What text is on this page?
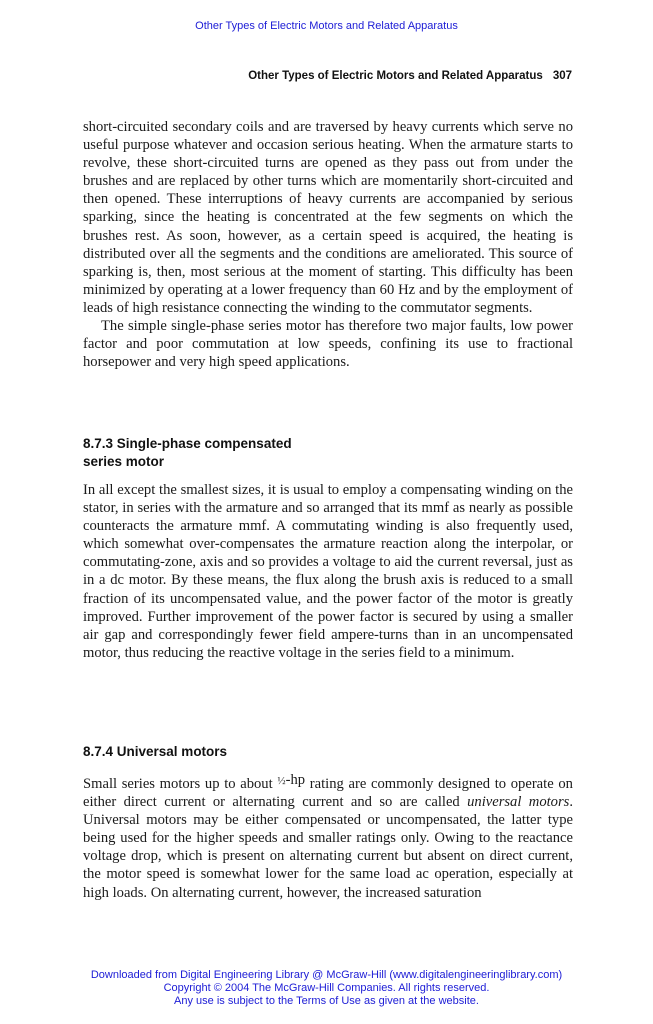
Other Types of Electric Motors and Related Apparatus
Other Types of Electric Motors and Related Apparatus 307

short-circuited secondary coils and are traversed by heavy currents which serve no useful purpose whatever and occasion serious heating. When the armature starts to revolve, these short-circuited turns are opened as they pass out from under the brushes and are replaced by other turns which are momentarily short-circuited and then opened. These interruptions of heavy currents are accompanied by serious sparking, since the heating is concentrated at the few segments on which the brushes rest. As soon, however, as a certain speed is acquired, the heating is distributed over all the segments and the conditions are ameliorated. This source of sparking is, then, most serious at the moment of starting. This difficulty has been minimized by operating at a lower frequency than 60 Hz and by the employment of leads of high resistance connecting the winding to the commutator segments.

The simple single-phase series motor has therefore two major faults, low power factor and poor commutation at low speeds, confining its use to fractional horsepower and very high speed applications.

8.7.3 Single-phase compensated
series motor

In all except the smallest sizes, it is usual to employ a compensating winding on the stator, in series with the armature and so arranged that its mmf as nearly as possible counteracts the armature mmf. A commutating winding is also frequently used, which somewhat over-compensates the armature reaction along the interpolar, or commutating-zone, axis and so provides a voltage to aid the current reversal, just as in a dc motor. By these means, the flux along the brush axis is reduced to a small fraction of its uncompensated value, and the power factor of the motor is greatly improved. Further improvement of the power factor is secured by using a smaller air gap and correspondingly fewer field ampere-turns than in an uncompensated motor, thus reducing the reactive voltage in the series field to a minimum.

8.7.4 Universal motors

Small series motors up to about $^{\frac{1}{2}}$-hp rating are commonly designed to operate on either direct current or alternating current and so are called universal motors. Universal motors may be either compensated or uncompensated, the latter type being used for the higher speeds and smaller ratings only. Owing to the reactance voltage drop, which is present on alternating current but absent on direct current, the motor speed is somewhat lower for the same load ac operation, especially at high loads. On alternating current, however, the increased saturation

Downloaded from Digital Engineering Library @ McGraw-Hill (www.digitalengineeringlibrary.com)
Copyright © 2004 The McGraw-Hill Companies. All rights reserved.
Any use is subject to the Terms of Use as given at the website.
